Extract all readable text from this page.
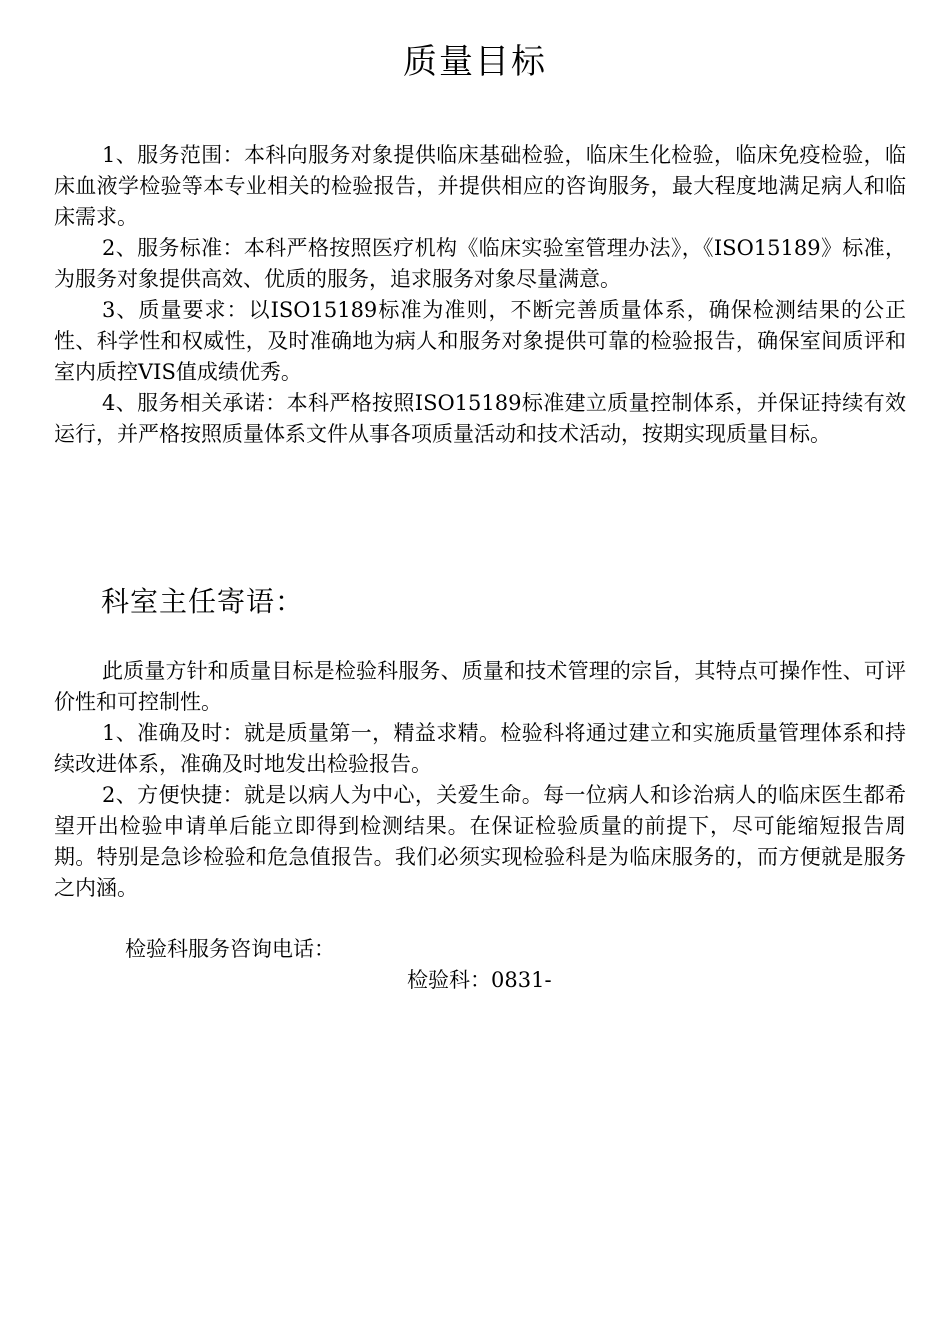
质量目标

1、服务范围：本科向服务对象提供临床基础检验，临床生化检验，临床免疫检验，临床血液学检验等本专业相关的检验报告，并提供相应的咨询服务，最大程度地满足病人和临床需求。

2、服务标准：本科严格按照医疗机构《临床实验室管理办法》，《ISO15189》标准，为服务对象提供高效、优质的服务，追求服务对象尽量满意。

3、质量要求：以ISO15189标准为准则，不断完善质量体系，确保检测结果的公正性、科学性和权威性，及时准确地为病人和服务对象提供可靠的检验报告，确保室间质评和室内质控VIS值成绩优秀。

4、服务相关承诺：本科严格按照ISO15189标准建立质量控制体系，并保证持续有效运行，并严格按照质量体系文件从事各项质量活动和技术活动，按期实现质量目标。

科室主任寄语：

此质量方针和质量目标是检验科服务、质量和技术管理的宗旨，其特点可操作性、可评价性和可控制性。

1、准确及时：就是质量第一，精益求精。检验科将通过建立和实施质量管理体系和持续改进体系，准确及时地发出检验报告。

2、方便快捷：就是以病人为中心，关爱生命。每一位病人和诊治病人的临床医生都希望开出检验申请单后能立即得到检测结果。在保证检验质量的前提下，尽可能缩短报告周期。特别是急诊检验和危急值报告。我们必须实现检验科是为临床服务的，而方便就是服务之内涵。

检验科服务咨询电话：

检验科：0831-
